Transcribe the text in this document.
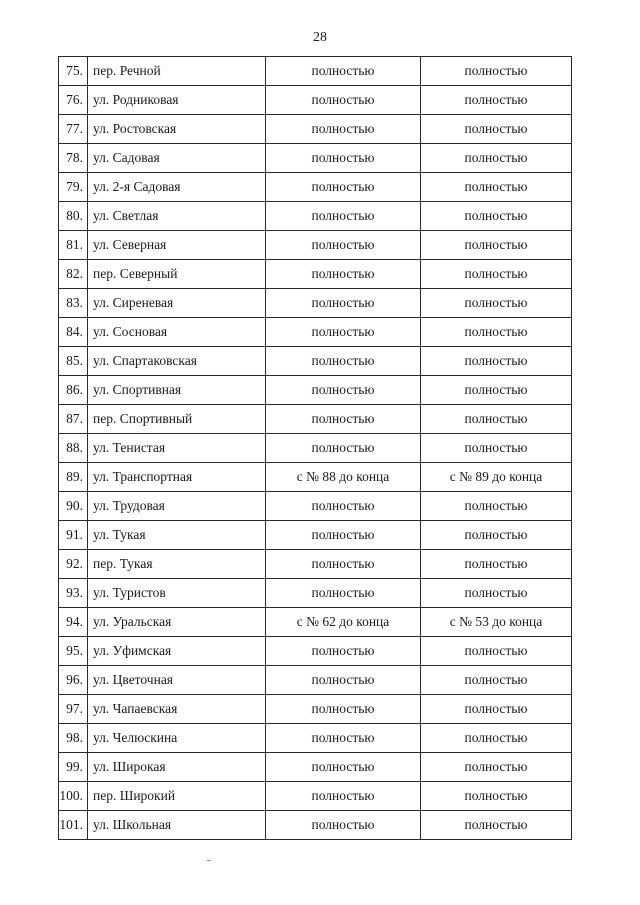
28
75.	пер. Речной	полностью	полностью
76.	ул. Родниковая	полностью	полностью
77.	ул. Ростовская	полностью	полностью
78.	ул. Садовая	полностью	полностью
79.	ул. 2-я Садовая	полностью	полностью
80.	ул. Светлая	полностью	полностью
81.	ул. Северная	полностью	полностью
82.	пер. Северный	полностью	полностью
83.	ул. Сиреневая	полностью	полностью
84.	ул. Сосновая	полностью	полностью
85.	ул. Спартаковская	полностью	полностью
86.	ул. Спортивная	полностью	полностью
87.	пер. Спортивный	полностью	полностью
88.	ул. Тенистая	полностью	полностью
89.	ул. Транспортная	с № 88 до конца	с № 89 до конца
90.	ул. Трудовая	полностью	полностью
91.	ул. Тукая	полностью	полностью
92.	пер. Тукая	полностью	полностью
93.	ул. Туристов	полностью	полностью
94.	ул. Уральская	с № 62 до конца	с № 53 до конца
95.	ул. Уфимская	полностью	полностью
96.	ул. Цветочная	полностью	полностью
97.	ул. Чапаевская	полностью	полностью
98.	ул. Челюскина	полностью	полностью
99.	ул. Широкая	полностью	полностью
100.	пер. Широкий	полностью	полностью
101.	ул. Школьная	полностью	полностью
